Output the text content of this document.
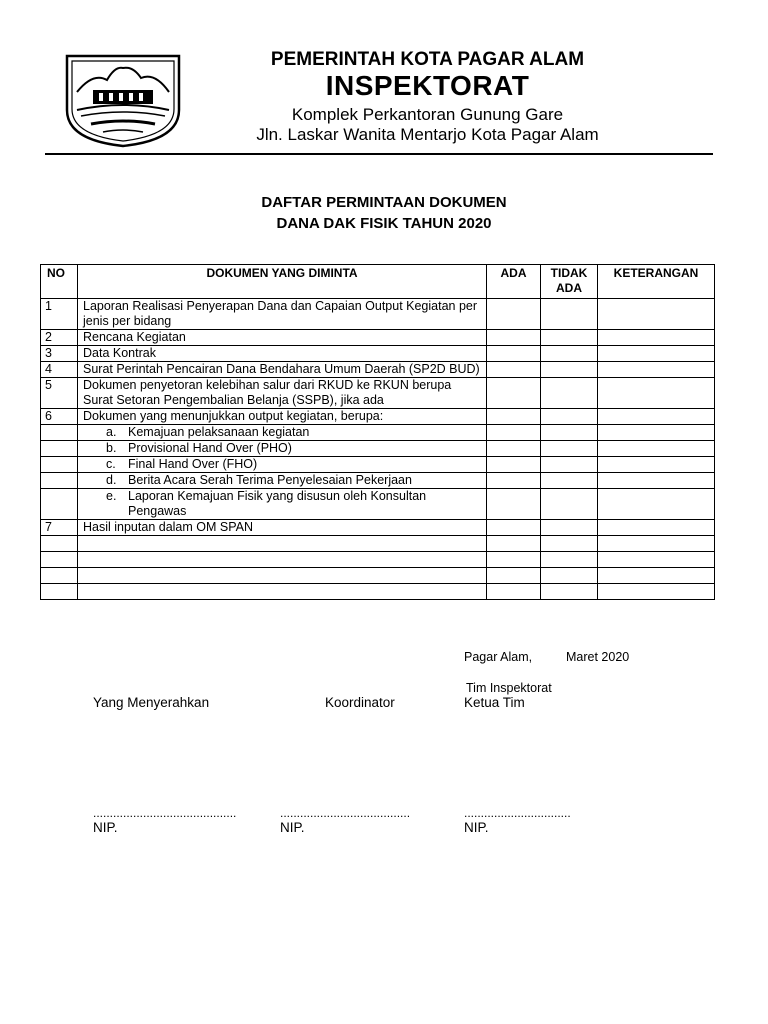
PEMERINTAH KOTA PAGAR ALAM
INSPEKTORAT
Komplek Perkantoran Gunung Gare
Jln. Laskar Wanita Mentarjo Kota Pagar Alam
DAFTAR PERMINTAAN DOKUMEN
DANA DAK FISIK TAHUN 2020
NO	DOKUMEN YANG DIMINTA	ADA	TIDAK ADA	KETERANGAN
1	Laporan Realisasi Penyerapan Dana dan Capaian Output Kegiatan per jenis per bidang			
2	Rencana Kegiatan			
3	Data Kontrak			
4	Surat Perintah Pencairan Dana Bendahara Umum Daerah (SP2D BUD)			
5	Dokumen penyetoran kelebihan salur dari RKUD ke RKUN berupa Surat Setoran Pengembalian Belanja (SSPB), jika ada			
6	Dokumen yang menunjukkan output kegiatan, berupa:			
	a. Kemajuan pelaksanaan kegiatan			
	b. Provisional Hand Over (PHO)			
	c. Final Hand Over (FHO)			
	d. Berita Acara Serah Terima Penyelesaian Pekerjaan			
	e. Laporan Kemajuan Fisik yang disusun oleh Konsultan Pengawas			
7	Hasil inputan dalam OM SPAN			

Pagar Alam,	Maret 2020
Tim Inspektorat
Yang Menyerahkan	Koordinator	Ketua Tim
...........................................	.......................................	................................
NIP.	NIP.	NIP.
